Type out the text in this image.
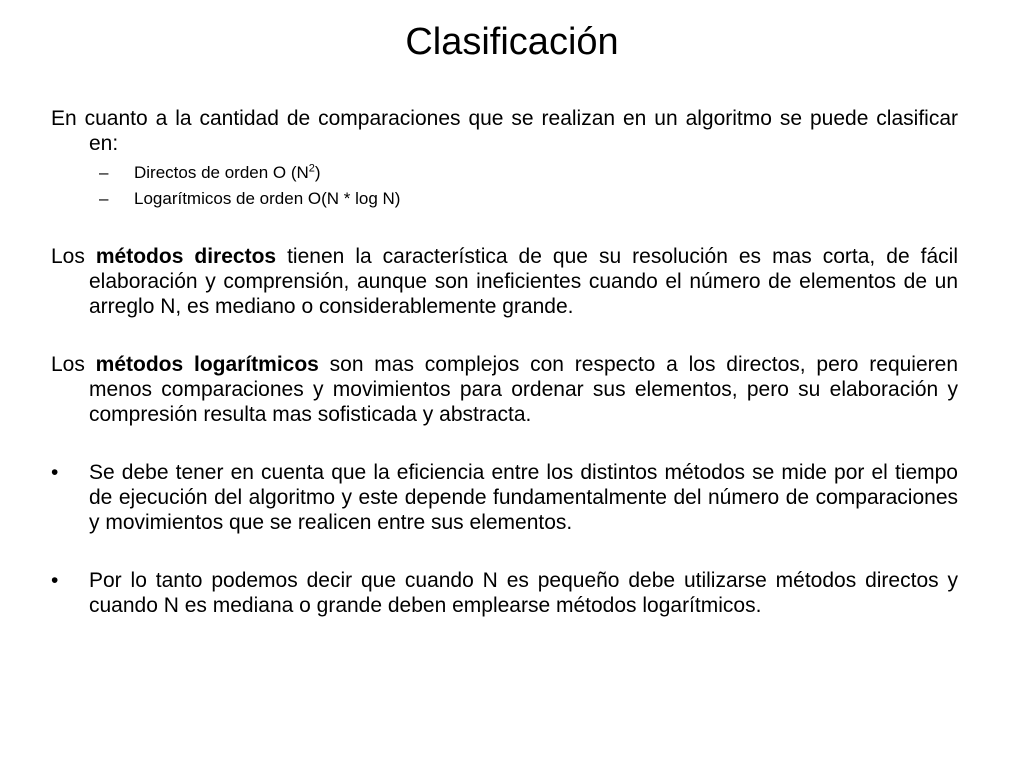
Clasificación

En cuanto a la cantidad de comparaciones que se realizan en un algoritmo se puede clasificar en:

– Directos de orden O $(N^2)$
– Logarítmicos de orden O(N * log N)

Los métodos directos tienen la característica de que su resolución es mas corta, de fácil elaboración y comprensión, aunque son ineficientes cuando el número de elementos de un arreglo N, es mediano o considerablemente grande.

Los métodos logarítmicos son mas complejos con respecto a los directos, pero requieren menos comparaciones y movimientos para ordenar sus elementos, pero su elaboración y compresión resulta mas sofisticada y abstracta.

•	Se debe tener en cuenta que la eficiencia entre los distintos métodos se mide por el tiempo de ejecución del algoritmo y este depende fundamentalmente del número de comparaciones y movimientos que se realicen entre sus elementos.

•	Por lo tanto podemos decir que cuando N es pequeño debe utilizarse métodos directos y cuando N es mediana o grande deben emplearse métodos logarítmicos.
